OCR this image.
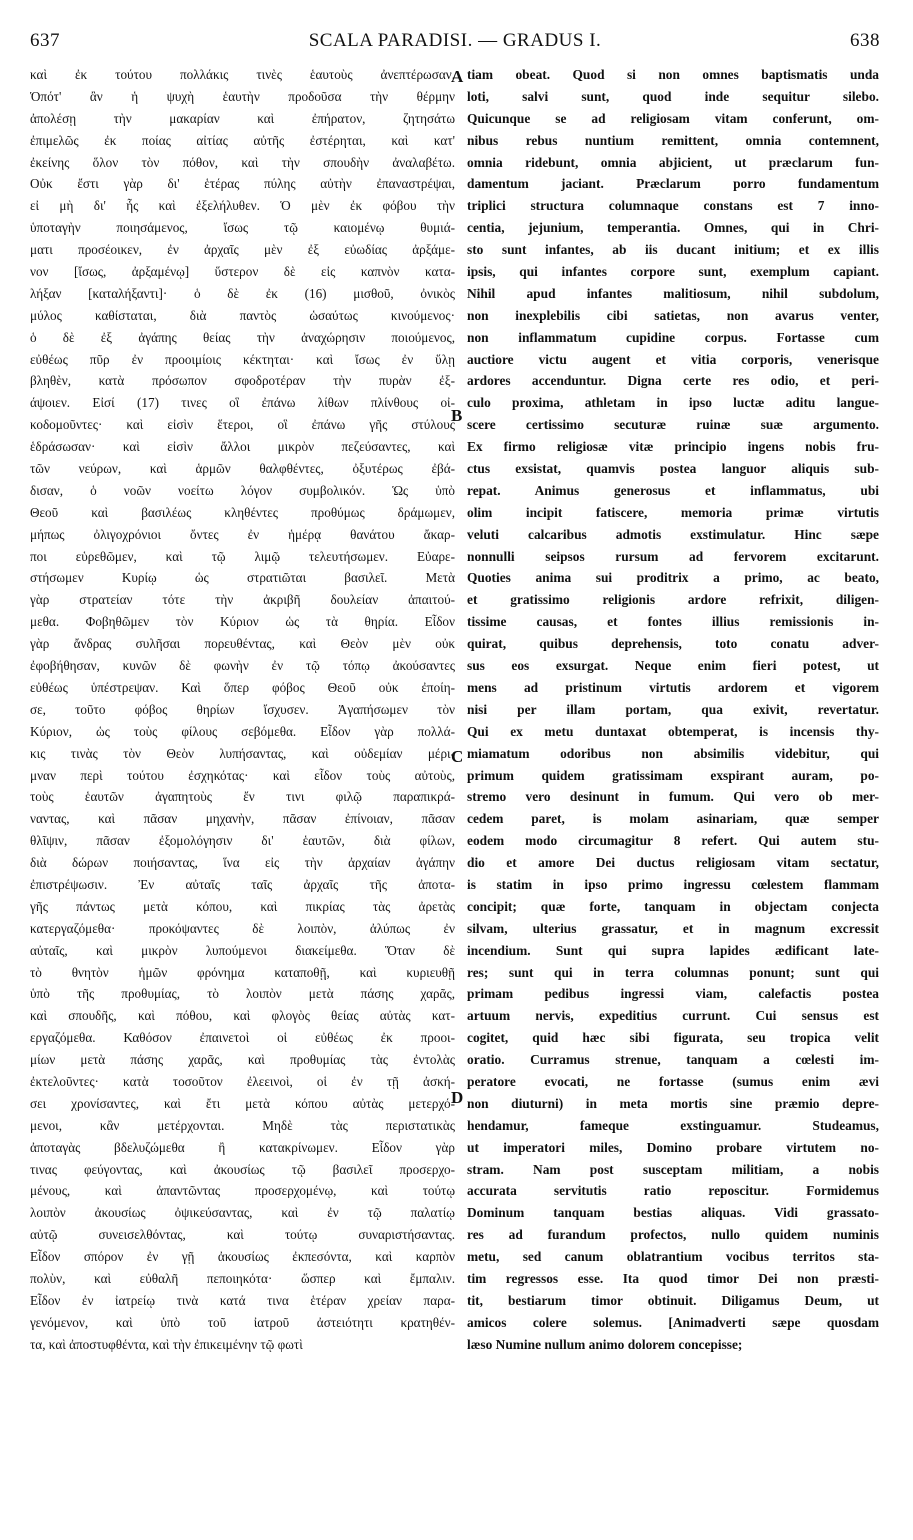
637	SCALA PARADISI. — GRADUS I.	638
A
B
C
D
καὶ ἐκ τούτου πολλάκις τινὲς ἑαυτοὺς ἀνεπτέρωσαν.
Ὁπότ' ἂν ἡ ψυχὴ ἑαυτὴν προδοῦσα τὴν θέρμην
ἀπολέσῃ τὴν μακαρίαν καὶ ἐπήρατον, ζητησάτω
ἐπιμελῶς ἐκ ποίας αἰτίας αὐτῆς ἐστέρηται, καὶ κατ'
ἐκείνης ὅλον τὸν πόθον, καὶ τὴν σπουδὴν ἀναλαβέτω.
Οὐκ ἔστι γὰρ δι' ἑτέρας πύλης αὐτὴν ἐπαναστρέψαι,
εἰ μὴ δι' ἧς καὶ ἐξελήλυθεν. Ὁ μὲν ἐκ φόβου τὴν
ὑποταγὴν ποιησάμενος, ἴσως τῷ καιομένῳ θυμιά-
ματι προσέοικεν, ἐν ἀρχαῖς μὲν ἐξ εὐωδίας ἀρξάμε-
νον [ἴσως, ἀρξαμένῳ] ὕστερον δὲ εἰς καπνὸν κατα-
λήξαν [καταλήξαντι]· ὁ δὲ ἐκ (16) μισθοῦ, ὀνικὸς
μύλος καθίσταται, διὰ παντὸς ὡσαύτως κινούμενος·
ὁ δὲ ἐξ ἀγάπης θείας τὴν ἀναχώρησιν ποιούμενος,
εὐθέως πῦρ ἐν προοιμίοις κέκτηται· καὶ ἴσως ἐν ὕλῃ
βληθὲν, κατὰ πρόσωπον σφοδροτέραν τὴν πυρὰν ἐξ-
άψοιεν. Εἰσί (17) τινες οἳ ἐπάνω λίθων πλίνθους οἰ-
κοδομοῦντες· καὶ εἰσὶν ἕτεροι, οἳ ἐπάνω γῆς στύλους
ἑδράσωσαν· καὶ εἰσὶν ἄλλοι μικρὸν πεζεύσαντες, καὶ
τῶν νεύρων, καὶ ἁρμῶν θαλφθέντες, ὀξυτέρως ἐβά-
δισαν, ὁ νοῶν νοείτω λόγον συμβολικόν. Ὡς ὑπὸ
Θεοῦ καὶ βασιλέως κληθέντες προθύμως δράμωμεν,
μήπως ὀλιγοχρόνιοι ὄντες ἐν ἡμέρᾳ θανάτου ἄκαρ-
ποι εὑρεθῶμεν, καὶ τῷ λιμῷ τελευτήσωμεν. Εὐαρε-
στήσωμεν Κυρίῳ ὡς στρατιῶται βασιλεῖ. Μετὰ
γὰρ στρατείαν τότε τὴν ἀκριβῆ δουλείαν ἀπαιτού-
μεθα. Φοβηθῶμεν τὸν Κύριον ὡς τὰ θηρία. Εἶδον
γὰρ ἄνδρας συλῆσαι πορευθέντας, καὶ Θεὸν μὲν οὐκ
ἐφοβήθησαν, κυνῶν δὲ φωνὴν ἐν τῷ τόπῳ ἀκούσαντες
εὐθέως ὑπέστρεψαν. Καὶ ὅπερ φόβος Θεοῦ οὐκ ἐποίη-
σε, τοῦτο φόβος θηρίων ἴσχυσεν. Ἀγαπήσωμεν τὸν
Κύριον, ὡς τοὺς φίλους σεβόμεθα. Εἶδον γὰρ πολλά-
κις τινὰς τὸν Θεὸν λυπήσαντας, καὶ οὐδεμίαν μέρι-
μναν περὶ τούτου ἐσχηκότας· καὶ εἶδον τοὺς αὐτοὺς,
τοὺς ἑαυτῶν ἀγαπητοὺς ἔν τινι φιλῷ παραπικρά-
ναντας, καὶ πᾶσαν μηχανὴν, πᾶσαν ἐπίνοιαν, πᾶσαν
θλῖψιν, πᾶσαν ἐξομολόγησιν δι' ἑαυτῶν, διὰ φίλων,
διὰ δώρων ποιήσαντας, ἵνα εἰς τὴν ἀρχαίαν ἀγάπην
ἐπιστρέψωσιν. Ἐν αὐταῖς ταῖς ἀρχαῖς τῆς ἀποτα-
γῆς πάντως μετὰ κόπου, καὶ πικρίας τὰς ἀρετὰς
κατεργαζόμεθα· προκόψαντες δὲ λοιπὸν, ἀλύπως ἐν
αὐταῖς, καὶ μικρὸν λυπούμενοι διακείμεθα. Ὅταν δὲ
τὸ θνητὸν ἡμῶν φρόνημα καταποθῇ, καὶ κυριευθῇ
ὑπὸ τῆς προθυμίας, τὸ λοιπὸν μετὰ πάσης χαρᾶς,
καὶ σπουδῆς, καὶ πόθου, καὶ φλογὸς θείας αὐτὰς κατ-
εργαζόμεθα. Καθόσον ἐπαινετοὶ οἱ εὐθέως ἐκ προοι-
μίων μετὰ πάσης χαρᾶς, καὶ προθυμίας τὰς ἐντολὰς
ἐκτελοῦντες· κατὰ τοσοῦτον ἐλεεινοὶ, οἱ ἐν τῇ ἀσκή-
σει χρονίσαντες, καὶ ἔτι μετὰ κόπου αὐτὰς μετερχό-
μενοι, κἂν μετέρχονται. Μηδὲ τὰς περιστατικὰς
ἀποταγὰς βδελυζώμεθα ἢ κατακρίνωμεν. Εἶδον γὰρ
τινας φεύγοντας, καὶ ἀκουσίως τῷ βασιλεῖ προσερχο-
μένους, καὶ ἀπαντῶντας προσερχομένῳ, καὶ τούτῳ
λοιπὸν ἀκουσίως ὀψικεύσαντας, καὶ ἐν τῷ παλατίῳ
αὐτῷ συνεισελθόντας, καὶ τούτῳ συναριστήσαντας.
Εἶδον σπόρον ἐν γῇ ἀκουσίως ἐκπεσόντα, καὶ καρπὸν
πολὺν, καὶ εὐθαλῆ πεποιηκότα· ὥσπερ καὶ ἔμπαλιν.
Εἶδον ἐν ἰατρείῳ τινὰ κατά τινα ἑτέραν χρείαν παρα-
γενόμενον, καὶ ὑπὸ τοῦ ἰατροῦ ἀστειότητι κρατηθέν-
τα, καὶ ἀποστυφθέντα, καὶ τὴν ἐπικειμένην τῷ φωτὶ
tiam obeat. Quod si non omnes baptismatis unda
loti, salvi sunt, quod inde sequitur silebo.
Quicunque se ad religiosam vitam conferunt, om-
nibus rebus nuntium remittent, omnia contemnent,
omnia ridebunt, omnia abjicient, ut præclarum fun-
damentum jaciant. Præclarum porro fundamentum
triplici structura columnaque constans est 7 inno-
centia, jejunium, temperantia. Omnes, qui in Chri-
sto sunt infantes, ab iis ducant initium; et ex illis
ipsis, qui infantes corpore sunt, exemplum capiant.
Nihil apud infantes malitiosum, nihil subdolum,
non inexplebilis cibi satietas, non avarus venter,
non inflammatum cupidine corpus. Fortasse cum
auctiore victu augent et vitia corporis, venerisque
ardores accenduntur. Digna certe res odio, et peri-
culo proxima, athletam in ipso luctæ aditu langue-
scere certissimo secuturæ ruinæ suæ argumento.
Ex firmo religiosæ vitæ principio ingens nobis fru-
ctus exsistat, quamvis postea languor aliquis sub-
repat. Animus generosus et inflammatus, ubi
olim incipit fatiscere, memoria primæ virtutis
veluti calcaribus admotis exstimulatur. Hinc sæpe
nonnulli seipsos rursum ad fervorem excitarunt.
Quoties anima sui proditrix a primo, ac beato,
et gratissimo religionis ardore refrixit, diligen-
tissime causas, et fontes illius remissionis in-
quirat, quibus deprehensis, toto conatu adver-
sus eos exsurgat. Neque enim fieri potest, ut
mens ad pristinum virtutis ardorem et vigorem
nisi per illam portam, qua exivit, revertatur.
Qui ex metu duntaxat obtemperat, is incensis thy-
miamatum odoribus non absimilis videbitur, qui
primum quidem gratissimam exspirant auram, po-
stremo vero desinunt in fumum. Qui vero ob mer-
cedem paret, is molam asinariam, quæ semper
eodem modo circumagitur 8 refert. Qui autem stu-
dio et amore Dei ductus religiosam vitam sectatur,
is statim in ipso primo ingressu cœlestem flammam
concipit; quæ forte, tanquam in objectam conjecta
silvam, ulterius grassatur, et in magnum excressit
incendium. Sunt qui supra lapides ædificant late-
res; sunt qui in terra columnas ponunt; sunt qui
primam pedibus ingressi viam, calefactis postea
artuum nervis, expeditius currunt. Cui sensus est
cogitet, quid hæc sibi figurata, seu tropica velit
oratio. Curramus strenue, tanquam a cœlesti im-
peratore evocati, ne fortasse (sumus enim ævi
non diuturni) in meta mortis sine præmio depre-
hendamur, fameque exstinguamur. Studeamus,
ut imperatori miles, Domino probare virtutem no-
stram. Nam post susceptam militiam, a nobis
accurata servitutis ratio reposcitur. Formidemus
Dominum tanquam bestias aliquas. Vidi grassato-
res ad furandum profectos, nullo quidem numinis
metu, sed canum oblatrantium vocibus territos sta-
tim regressos esse. Ita quod timor Dei non præsti-
tit, bestiarum timor obtinuit. Diligamus Deum, ut
amicos colere solemus. [Animadverti sæpe quosdam
læso Numine nullum animo dolorem concepisse;
